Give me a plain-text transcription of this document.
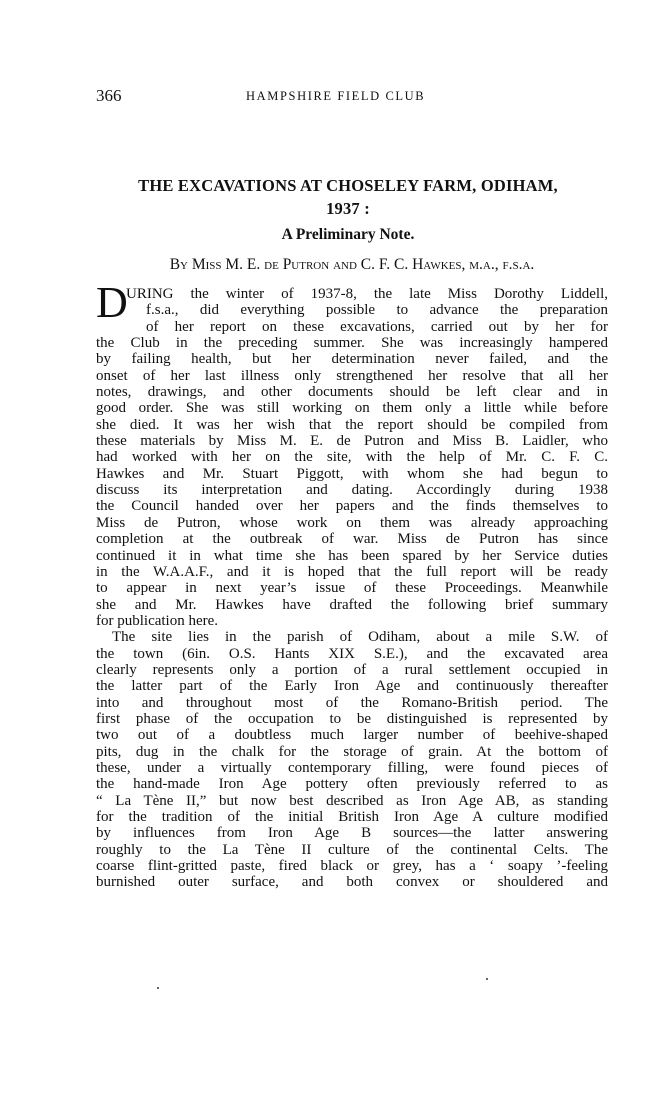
366	HAMPSHIRE FIELD CLUB
THE EXCAVATIONS AT CHOSELEY FARM, ODIHAM,
1937 :
A Preliminary Note.
By Miss M. E. de Putron and C. F. C. Hawkes, m.a., f.s.a.
D
URING the winter of 1937-8, the late Miss Dorothy Liddell,
f.s.a., did everything possible to advance the preparation
of her report on these excavations, carried out by her for
the Club in the preceding summer. She was increasingly hampered
by failing health, but her determination never failed, and the
onset of her last illness only strengthened her resolve that all her
notes, drawings, and other documents should be left clear and in
good order. She was still working on them only a little while before
she died. It was her wish that the report should be compiled from
these materials by Miss M. E. de Putron and Miss B. Laidler, who
had worked with her on the site, with the help of Mr. C. F. C.
Hawkes and Mr. Stuart Piggott, with whom she had begun to
discuss its interpretation and dating. Accordingly during 1938
the Council handed over her papers and the finds themselves to
Miss de Putron, whose work on them was already approaching
completion at the outbreak of war. Miss de Putron has since
continued it in what time she has been spared by her Service duties
in the W.A.A.F., and it is hoped that the full report will be ready
to appear in next year’s issue of these Proceedings. Meanwhile
she and Mr. Hawkes have drafted the following brief summary
for publication here.
The site lies in the parish of Odiham, about a mile S.W. of
the town (6in. O.S. Hants XIX S.E.), and the excavated area
clearly represents only a portion of a rural settlement occupied in
the latter part of the Early Iron Age and continuously thereafter
into and throughout most of the Romano-British period. The
first phase of the occupation to be distinguished is represented by
two out of a doubtless much larger number of beehive-shaped
pits, dug in the chalk for the storage of grain. At the bottom of
these, under a virtually contemporary filling, were found pieces of
the hand-made Iron Age pottery often previously referred to as
“ La Tène II,” but now best described as Iron Age AB, as standing
for the tradition of the initial British Iron Age A culture modified
by influences from Iron Age B sources—the latter answering
roughly to the La Tène II culture of the continental Celts. The
coarse flint-gritted paste, fired black or grey, has a ‘ soapy ’-feeling
burnished outer surface, and both convex or shouldered and
